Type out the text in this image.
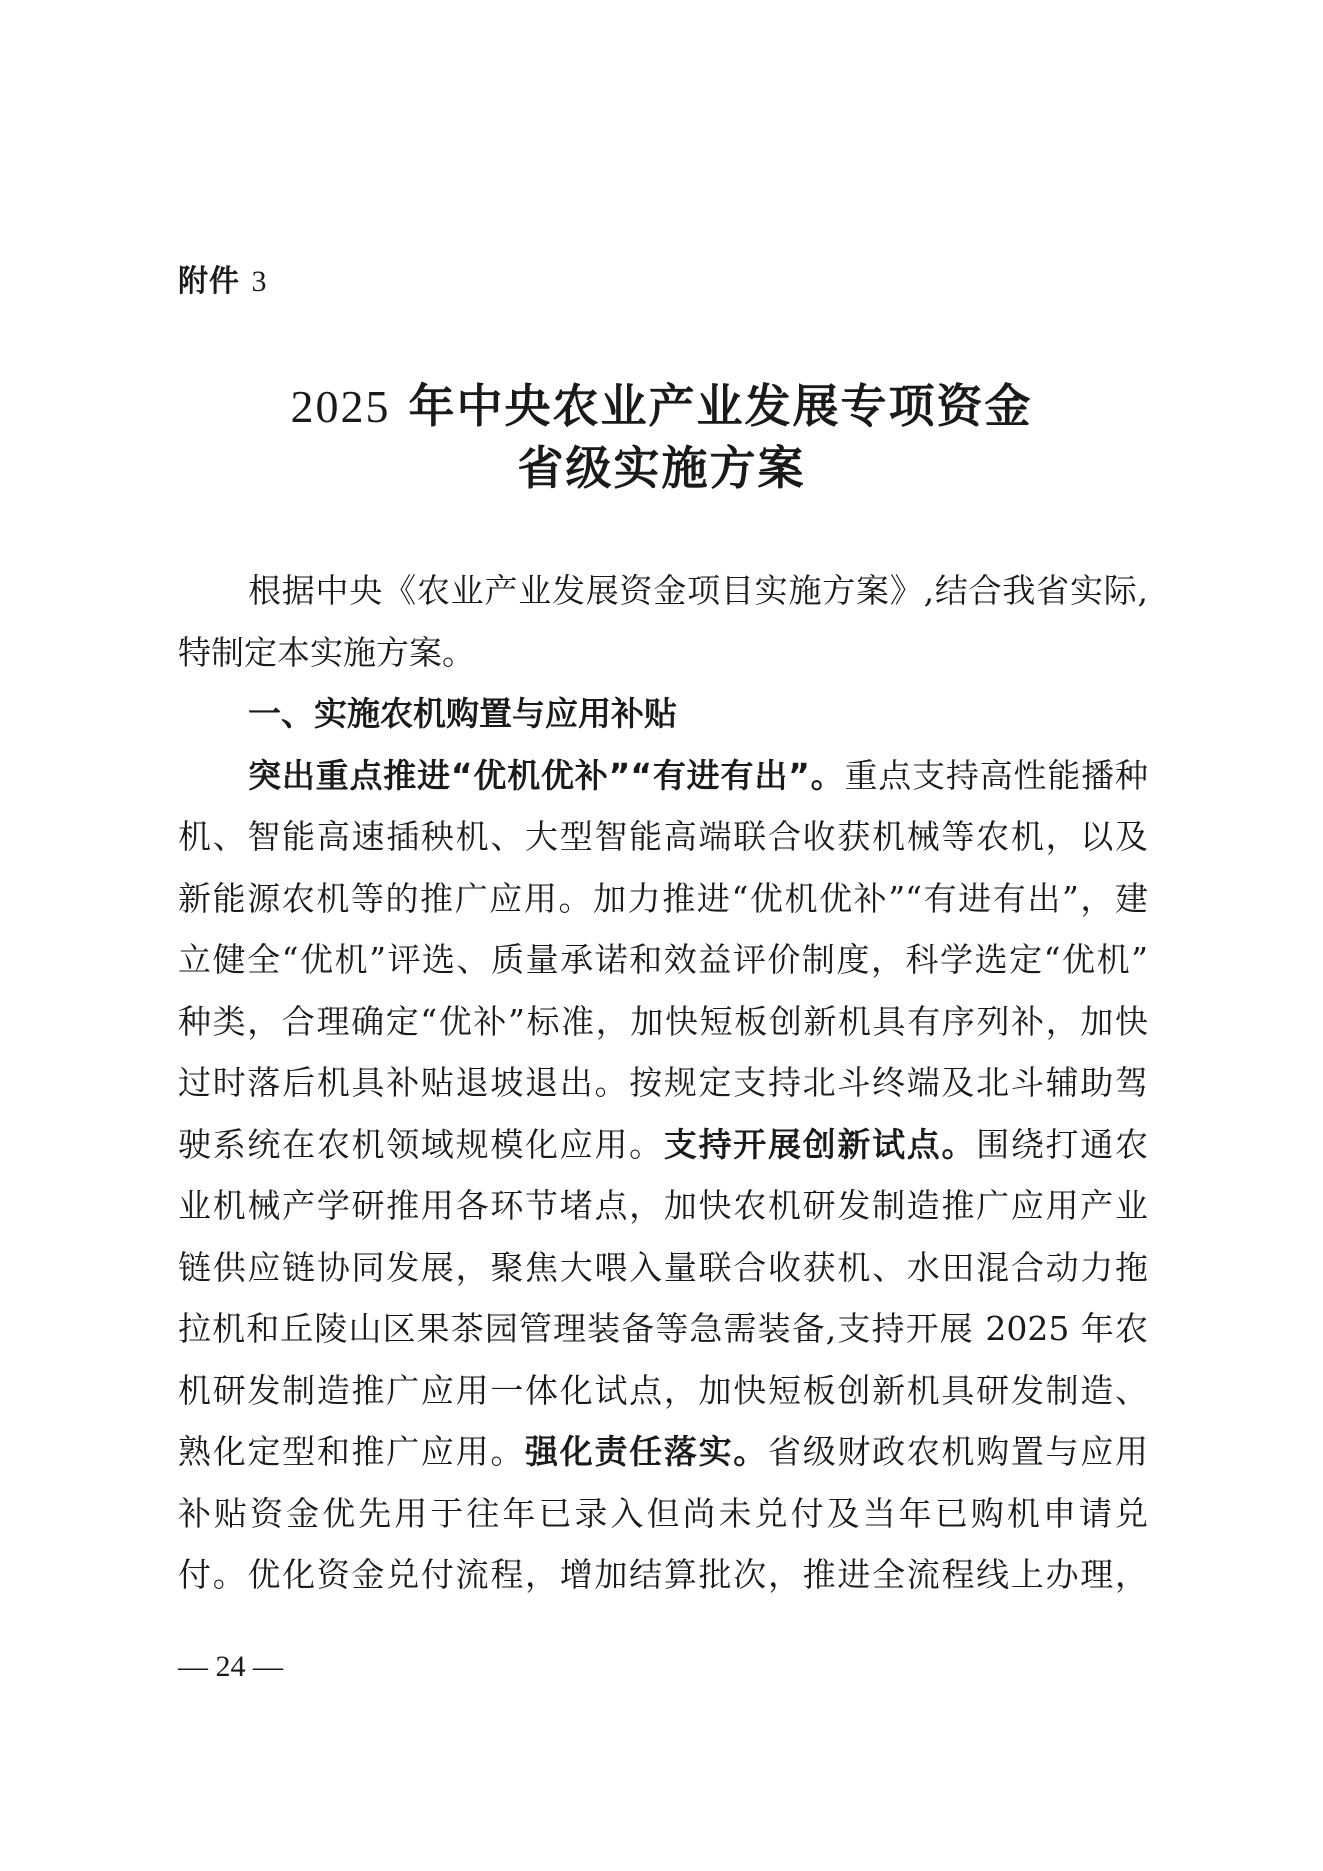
附件 3
2025 年中央农业产业发展专项资金
省级实施方案
根据中央《农业产业发展资金项目实施方案》,结合我省实际,
特制定本实施方案。
一、实施农机购置与应用补贴
突出重点推进“优机优补”“有进有出”。重点支持高性能播种
机、智能高速插秧机、大型智能高端联合收获机械等农机，以及
新能源农机等的推广应用。加力推进“优机优补”“有进有出”，建
立健全“优机”评选、质量承诺和效益评价制度，科学选定“优机”
种类，合理确定“优补”标准，加快短板创新机具有序列补，加快
过时落后机具补贴退坡退出。按规定支持北斗终端及北斗辅助驾
驶系统在农机领域规模化应用。支持开展创新试点。围绕打通农
业机械产学研推用各环节堵点，加快农机研发制造推广应用产业
链供应链协同发展，聚焦大喂入量联合收获机、水田混合动力拖
拉机和丘陵山区果茶园管理装备等急需装备,支持开展 2025 年农
机研发制造推广应用一体化试点，加快短板创新机具研发制造、
熟化定型和推广应用。强化责任落实。省级财政农机购置与应用
补贴资金优先用于往年已录入但尚未兑付及当年已购机申请兑
付。优化资金兑付流程，增加结算批次，推进全流程线上办理，
— 24 —
